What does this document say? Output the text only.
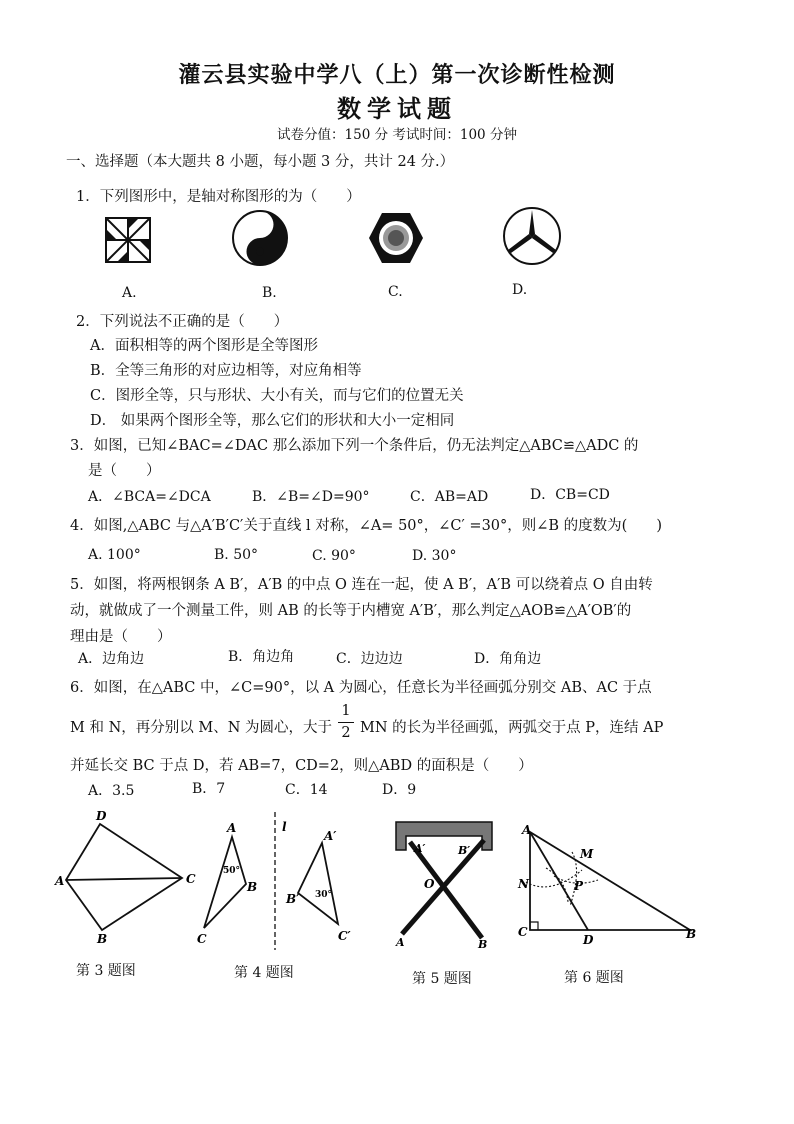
灌云县实验中学八（上）第一次诊断性检测
数学试题
试卷分值：150 分 考试时间：100 分钟
一、选择题（本大题共 8 小题，每小题 3 分，共计 24 分.）
1．下列图形中，是轴对称图形的为（　　）
A.	B.	C.	D.
2．下列说法不正确的是（　　）
A．面积相等的两个图形是全等图形
B．全等三角形的对应边相等，对应角相等
C．图形全等，只与形状、大小有关，而与它们的位置无关
D． 如果两个图形全等，那么它们的形状和大小一定相同
3．如图，已知∠BAC=∠DAC 那么添加下列一个条件后，仍无法判定△ABC≌△ADC 的
是（　　）
A．∠BCA=∠DCA	B．∠B=∠D=90°	C．AB=AD	D．CB=CD
4．如图,△ABC 与△A′B′C′关于直线 l 对称，∠A= 50°，∠C′ =30°，则∠B 的度数为(　　)
A. 100°	B. 50°	C. 90°	D. 30°
5．如图，将两根钢条 A B′，A′B 的中点 O 连在一起，使 A B′，A′B 可以绕着点 O 自由转
动，就做成了一个测量工件，则 AB 的长等于内槽宽 A′B′，那么判定△AOB≌△A′OB′的
理由是（　　）
A．边角边	B．角边角	C．边边边	D．角角边
6．如图，在△ABC 中，∠C=90°，以 A 为圆心，任意长为半径画弧分别交 AB、AC 于点
M 和 N，再分别以 M、N 为圆心，大于
1
2 MN 的长为半径画弧，两弧交于点 P，连结 AP
并延长交 BC 于点 D，若 AB=7，CD=2，则△ABD 的面积是（　　）
A．3.5	B．7	C．14	D．9
D
A	C
B
第 3 题图
A
B
C
50°
l
A′
B′
C′
30°
第 4 题图
A′	B′
O
A	B
第 5 题图
A
M
N	P
C
D	B
第 6 题图
